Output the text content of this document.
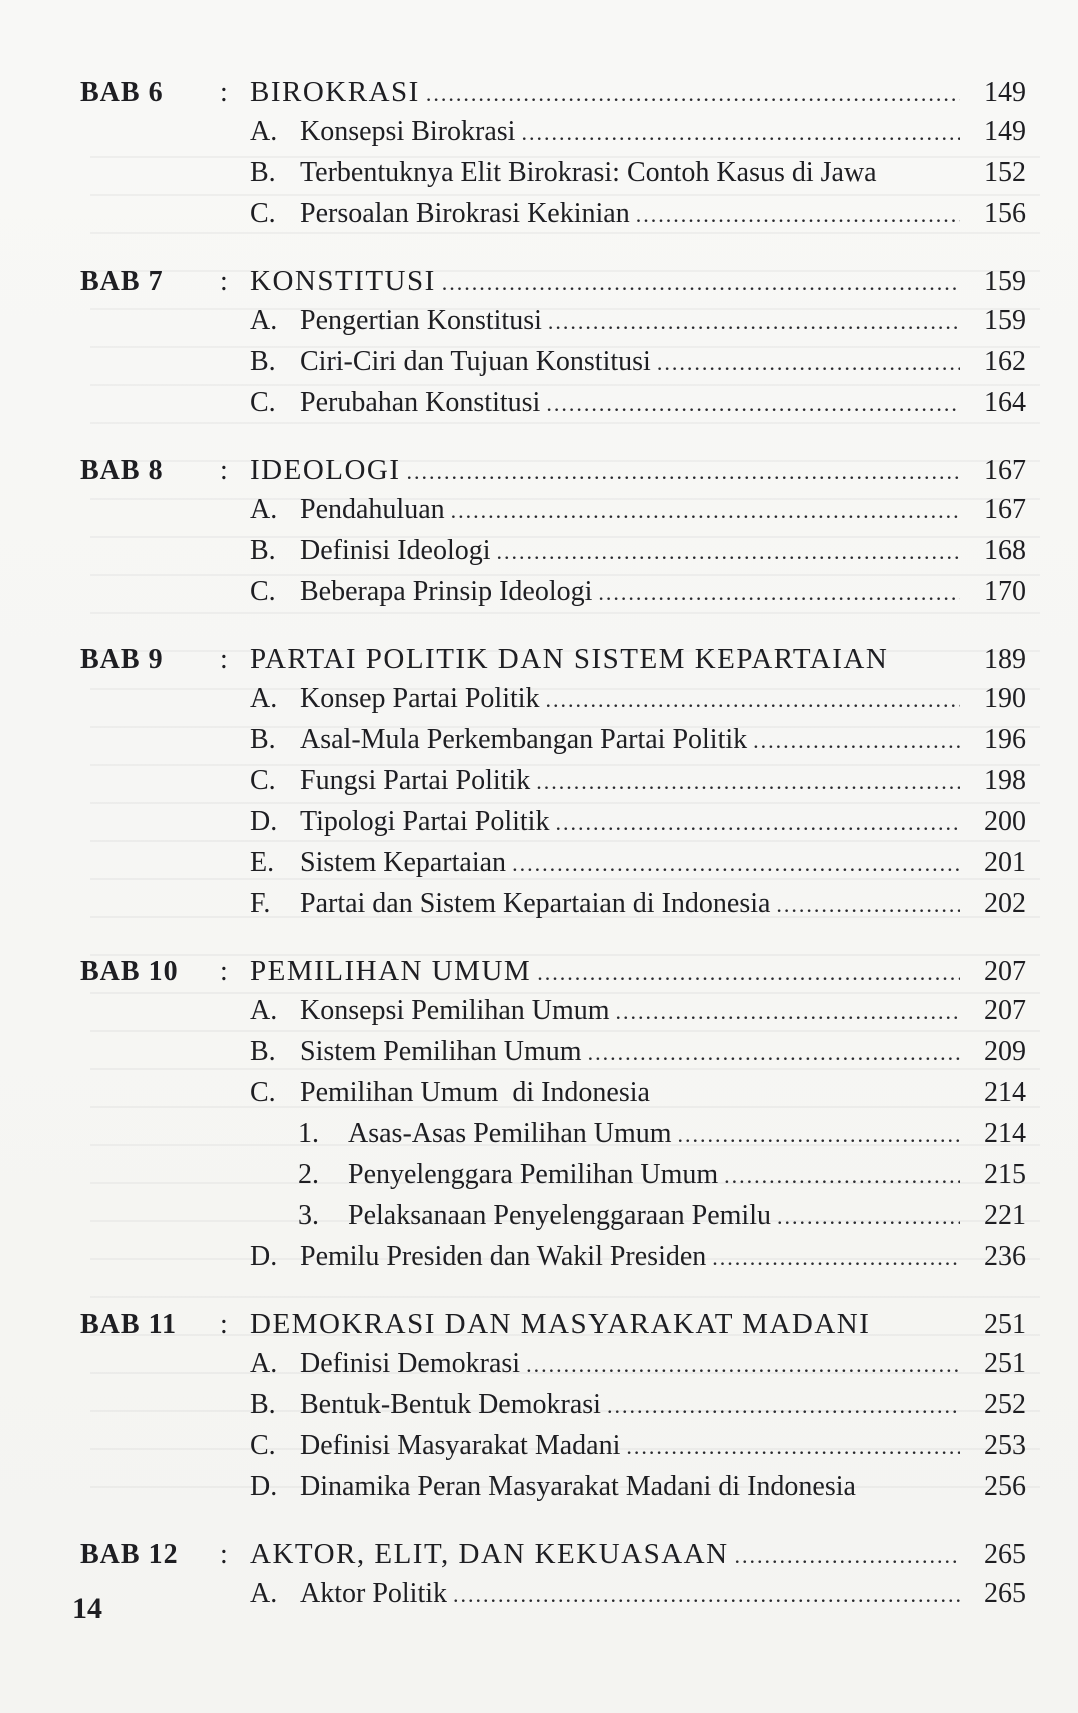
BAB 6	: BIROKRASI .....	149
A. Konsepsi Birokrasi .....	149
B. Terbentuknya Elit Birokrasi: Contoh Kasus di Jawa	152
C. Persoalan Birokrasi Kekinian .....	156
BAB 7	: KONSTITUSI .....	159
A. Pengertian Konstitusi .....	159
B. Ciri-Ciri dan Tujuan Konstitusi .....	162
C. Perubahan Konstitusi .....	164
BAB 8	: IDEOLOGI .....	167
A. Pendahuluan .....	167
B. Definisi Ideologi .....	168
C. Beberapa Prinsip Ideologi .....	170
BAB 9	: PARTAI POLITIK DAN SISTEM KEPARTAIAN	189
A. Konsep Partai Politik .....	190
B. Asal-Mula Perkembangan Partai Politik .....	196
C. Fungsi Partai Politik .....	198
D. Tipologi Partai Politik .....	200
E. Sistem Kepartaian .....	201
F.	Partai dan Sistem Kepartaian di Indonesia .....	202
BAB 10	: PEMILIHAN UMUM .....	207
A. Konsepsi Pemilihan Umum .....	207
B. Sistem Pemilihan Umum .....	209
C. Pemilihan Umum  di Indonesia	214
1.	Asas-Asas Pemilihan Umum .....	214
2.	Penyelenggara Pemilihan Umum .....	215
3.	Pelaksanaan Penyelenggaraan Pemilu .....	221
D. Pemilu Presiden dan Wakil Presiden .....	236
BAB 11	: DEMOKRASI DAN MASYARAKAT MADANI	251
A. Definisi Demokrasi .....	251
B. Bentuk-Bentuk Demokrasi .....	252
C. Definisi Masyarakat Madani .....	253
D. Dinamika Peran Masyarakat Madani di Indonesia	256
BAB 12	: AKTOR, ELIT, DAN KEKUASAAN .....	265
A. Aktor Politik .....	265
14
